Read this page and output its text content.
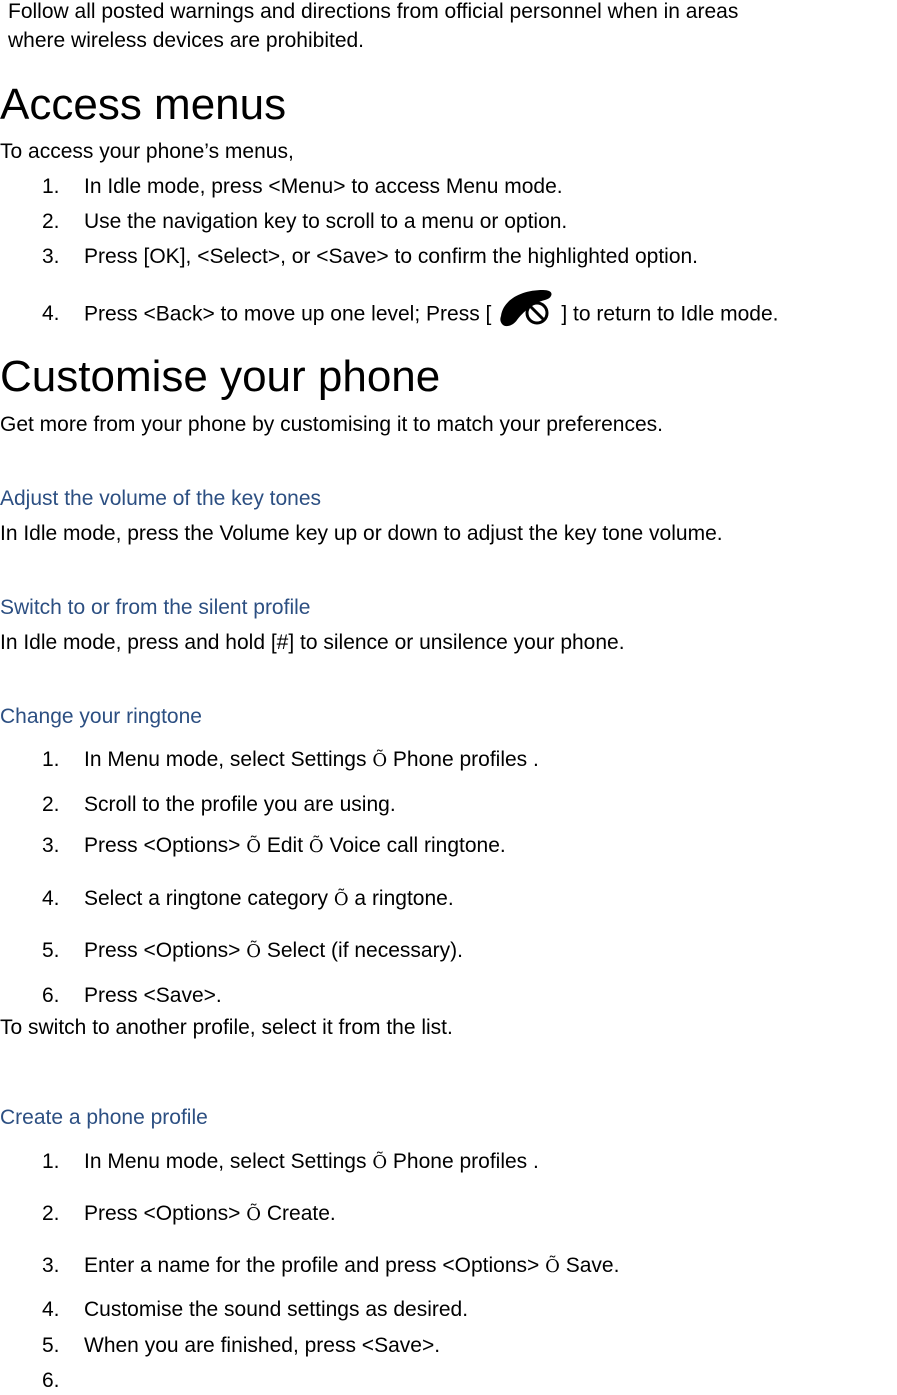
Follow all posted warnings and directions from official personnel when in areas
where wireless devices are prohibited.
Access menus
To access your phone’s menus,
1. In Idle mode, press <Menu> to access Menu mode.
2. Use the navigation key to scroll to a menu or option.
3. Press [OK], <Select>, or <Save> to confirm the highlighted option.
4. Press <Back> to move up one level; Press [	] to return to Idle mode.
Customise your phone
Get more from your phone by customising it to match your preferences.
Adjust the volume of the key tones
In Idle mode, press the Volume key up or down to adjust the key tone volume.
Switch to or from the silent profile
In Idle mode, press and hold [#] to silence or unsilence your phone.
Change your ringtone
1. In Menu mode, select Settings Õ Phone profiles .
2. Scroll to the profile you are using.
3. Press <Options> Õ Edit Õ Voice call ringtone.
4. Select a ringtone category Õ a ringtone.
5. Press <Options> Õ Select (if necessary).
6. Press <Save>.
To switch to another profile, select it from the list.
Create a phone profile
1. In Menu mode, select Settings Õ Phone profiles .
2. Press <Options> Õ Create.
3. Enter a name for the profile and press <Options> Õ Save.
4. Customise the sound settings as desired.
5. When you are finished, press <Save>.
6.
